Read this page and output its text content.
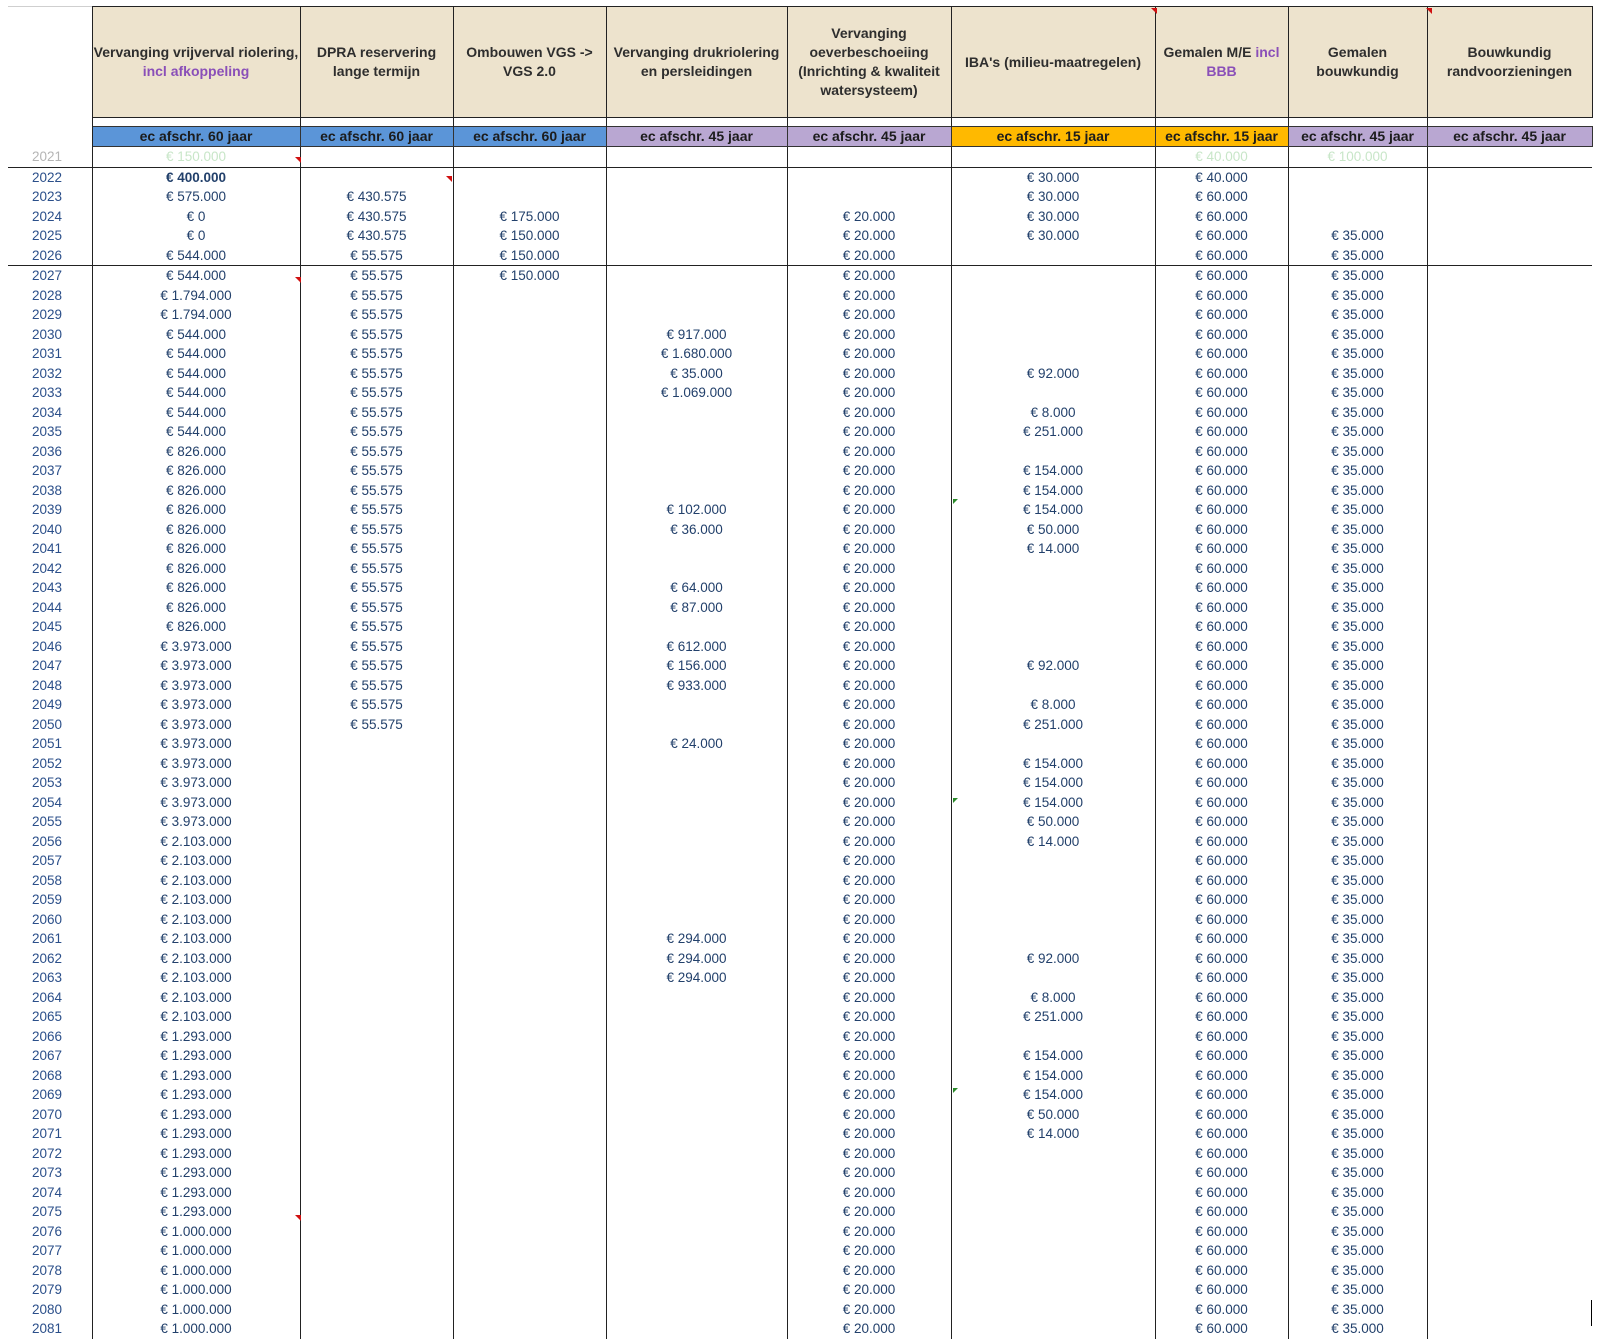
	Vervanging vrijverval riolering, incl afkoppeling	DPRA reservering lange termijn	Ombouwen VGS -> VGS 2.0	Vervanging drukriolering en persleidingen	Vervanging oeverbeschoeiing (Inrichting & kwaliteit watersysteem)	IBA's (milieu-maatregelen)	Gemalen M/E incl BBB	Gemalen bouwkundig	Bouwkundig randvoorzieningen

	ec afschr. 60 jaar	ec afschr. 60 jaar	ec afschr. 60 jaar	ec afschr. 45 jaar	ec afschr. 45 jaar	ec afschr. 15 jaar	ec afschr. 15 jaar	ec afschr. 45 jaar	ec afschr. 45 jaar
2021	€ 150.000						€ 40.000	€ 100.000	
2022	€ 400.000					€ 30.000	€ 40.000		
2023	€ 575.000	€ 430.575				€ 30.000	€ 60.000		
2024	€ 0	€ 430.575	€ 175.000		€ 20.000	€ 30.000	€ 60.000		
2025	€ 0	€ 430.575	€ 150.000		€ 20.000	€ 30.000	€ 60.000	€ 35.000	
2026	€ 544.000	€ 55.575	€ 150.000		€ 20.000		€ 60.000	€ 35.000	
2027	€ 544.000	€ 55.575	€ 150.000		€ 20.000		€ 60.000	€ 35.000	
2028	€ 1.794.000	€ 55.575			€ 20.000		€ 60.000	€ 35.000	
2029	€ 1.794.000	€ 55.575			€ 20.000		€ 60.000	€ 35.000	
2030	€ 544.000	€ 55.575		€ 917.000	€ 20.000		€ 60.000	€ 35.000	
2031	€ 544.000	€ 55.575		€ 1.680.000	€ 20.000		€ 60.000	€ 35.000	
2032	€ 544.000	€ 55.575		€ 35.000	€ 20.000	€ 92.000	€ 60.000	€ 35.000	
2033	€ 544.000	€ 55.575		€ 1.069.000	€ 20.000		€ 60.000	€ 35.000	
2034	€ 544.000	€ 55.575			€ 20.000	€ 8.000	€ 60.000	€ 35.000	
2035	€ 544.000	€ 55.575			€ 20.000	€ 251.000	€ 60.000	€ 35.000	
2036	€ 826.000	€ 55.575			€ 20.000		€ 60.000	€ 35.000	
2037	€ 826.000	€ 55.575			€ 20.000	€ 154.000	€ 60.000	€ 35.000	
2038	€ 826.000	€ 55.575			€ 20.000	€ 154.000	€ 60.000	€ 35.000	
2039	€ 826.000	€ 55.575		€ 102.000	€ 20.000	€ 154.000	€ 60.000	€ 35.000	
2040	€ 826.000	€ 55.575		€ 36.000	€ 20.000	€ 50.000	€ 60.000	€ 35.000	
2041	€ 826.000	€ 55.575			€ 20.000	€ 14.000	€ 60.000	€ 35.000	
2042	€ 826.000	€ 55.575			€ 20.000		€ 60.000	€ 35.000	
2043	€ 826.000	€ 55.575		€ 64.000	€ 20.000		€ 60.000	€ 35.000	
2044	€ 826.000	€ 55.575		€ 87.000	€ 20.000		€ 60.000	€ 35.000	
2045	€ 826.000	€ 55.575			€ 20.000		€ 60.000	€ 35.000	
2046	€ 3.973.000	€ 55.575		€ 612.000	€ 20.000		€ 60.000	€ 35.000	
2047	€ 3.973.000	€ 55.575		€ 156.000	€ 20.000	€ 92.000	€ 60.000	€ 35.000	
2048	€ 3.973.000	€ 55.575		€ 933.000	€ 20.000		€ 60.000	€ 35.000	
2049	€ 3.973.000	€ 55.575			€ 20.000	€ 8.000	€ 60.000	€ 35.000	
2050	€ 3.973.000	€ 55.575			€ 20.000	€ 251.000	€ 60.000	€ 35.000	
2051	€ 3.973.000			€ 24.000	€ 20.000		€ 60.000	€ 35.000	
2052	€ 3.973.000				€ 20.000	€ 154.000	€ 60.000	€ 35.000	
2053	€ 3.973.000				€ 20.000	€ 154.000	€ 60.000	€ 35.000	
2054	€ 3.973.000				€ 20.000	€ 154.000	€ 60.000	€ 35.000	
2055	€ 3.973.000				€ 20.000	€ 50.000	€ 60.000	€ 35.000	
2056	€ 2.103.000				€ 20.000	€ 14.000	€ 60.000	€ 35.000	
2057	€ 2.103.000				€ 20.000		€ 60.000	€ 35.000	
2058	€ 2.103.000				€ 20.000		€ 60.000	€ 35.000	
2059	€ 2.103.000				€ 20.000		€ 60.000	€ 35.000	
2060	€ 2.103.000				€ 20.000		€ 60.000	€ 35.000	
2061	€ 2.103.000			€ 294.000	€ 20.000		€ 60.000	€ 35.000	
2062	€ 2.103.000			€ 294.000	€ 20.000	€ 92.000	€ 60.000	€ 35.000	
2063	€ 2.103.000			€ 294.000	€ 20.000		€ 60.000	€ 35.000	
2064	€ 2.103.000				€ 20.000	€ 8.000	€ 60.000	€ 35.000	
2065	€ 2.103.000				€ 20.000	€ 251.000	€ 60.000	€ 35.000	
2066	€ 1.293.000				€ 20.000		€ 60.000	€ 35.000	
2067	€ 1.293.000				€ 20.000	€ 154.000	€ 60.000	€ 35.000	
2068	€ 1.293.000				€ 20.000	€ 154.000	€ 60.000	€ 35.000	
2069	€ 1.293.000				€ 20.000	€ 154.000	€ 60.000	€ 35.000	
2070	€ 1.293.000				€ 20.000	€ 50.000	€ 60.000	€ 35.000	
2071	€ 1.293.000				€ 20.000	€ 14.000	€ 60.000	€ 35.000	
2072	€ 1.293.000				€ 20.000		€ 60.000	€ 35.000	
2073	€ 1.293.000				€ 20.000		€ 60.000	€ 35.000	
2074	€ 1.293.000				€ 20.000		€ 60.000	€ 35.000	
2075	€ 1.293.000				€ 20.000		€ 60.000	€ 35.000	
2076	€ 1.000.000				€ 20.000		€ 60.000	€ 35.000	
2077	€ 1.000.000				€ 20.000		€ 60.000	€ 35.000	
2078	€ 1.000.000				€ 20.000		€ 60.000	€ 35.000	
2079	€ 1.000.000				€ 20.000		€ 60.000	€ 35.000	
2080	€ 1.000.000				€ 20.000		€ 60.000	€ 35.000	
2081	€ 1.000.000				€ 20.000		€ 60.000	€ 35.000	
